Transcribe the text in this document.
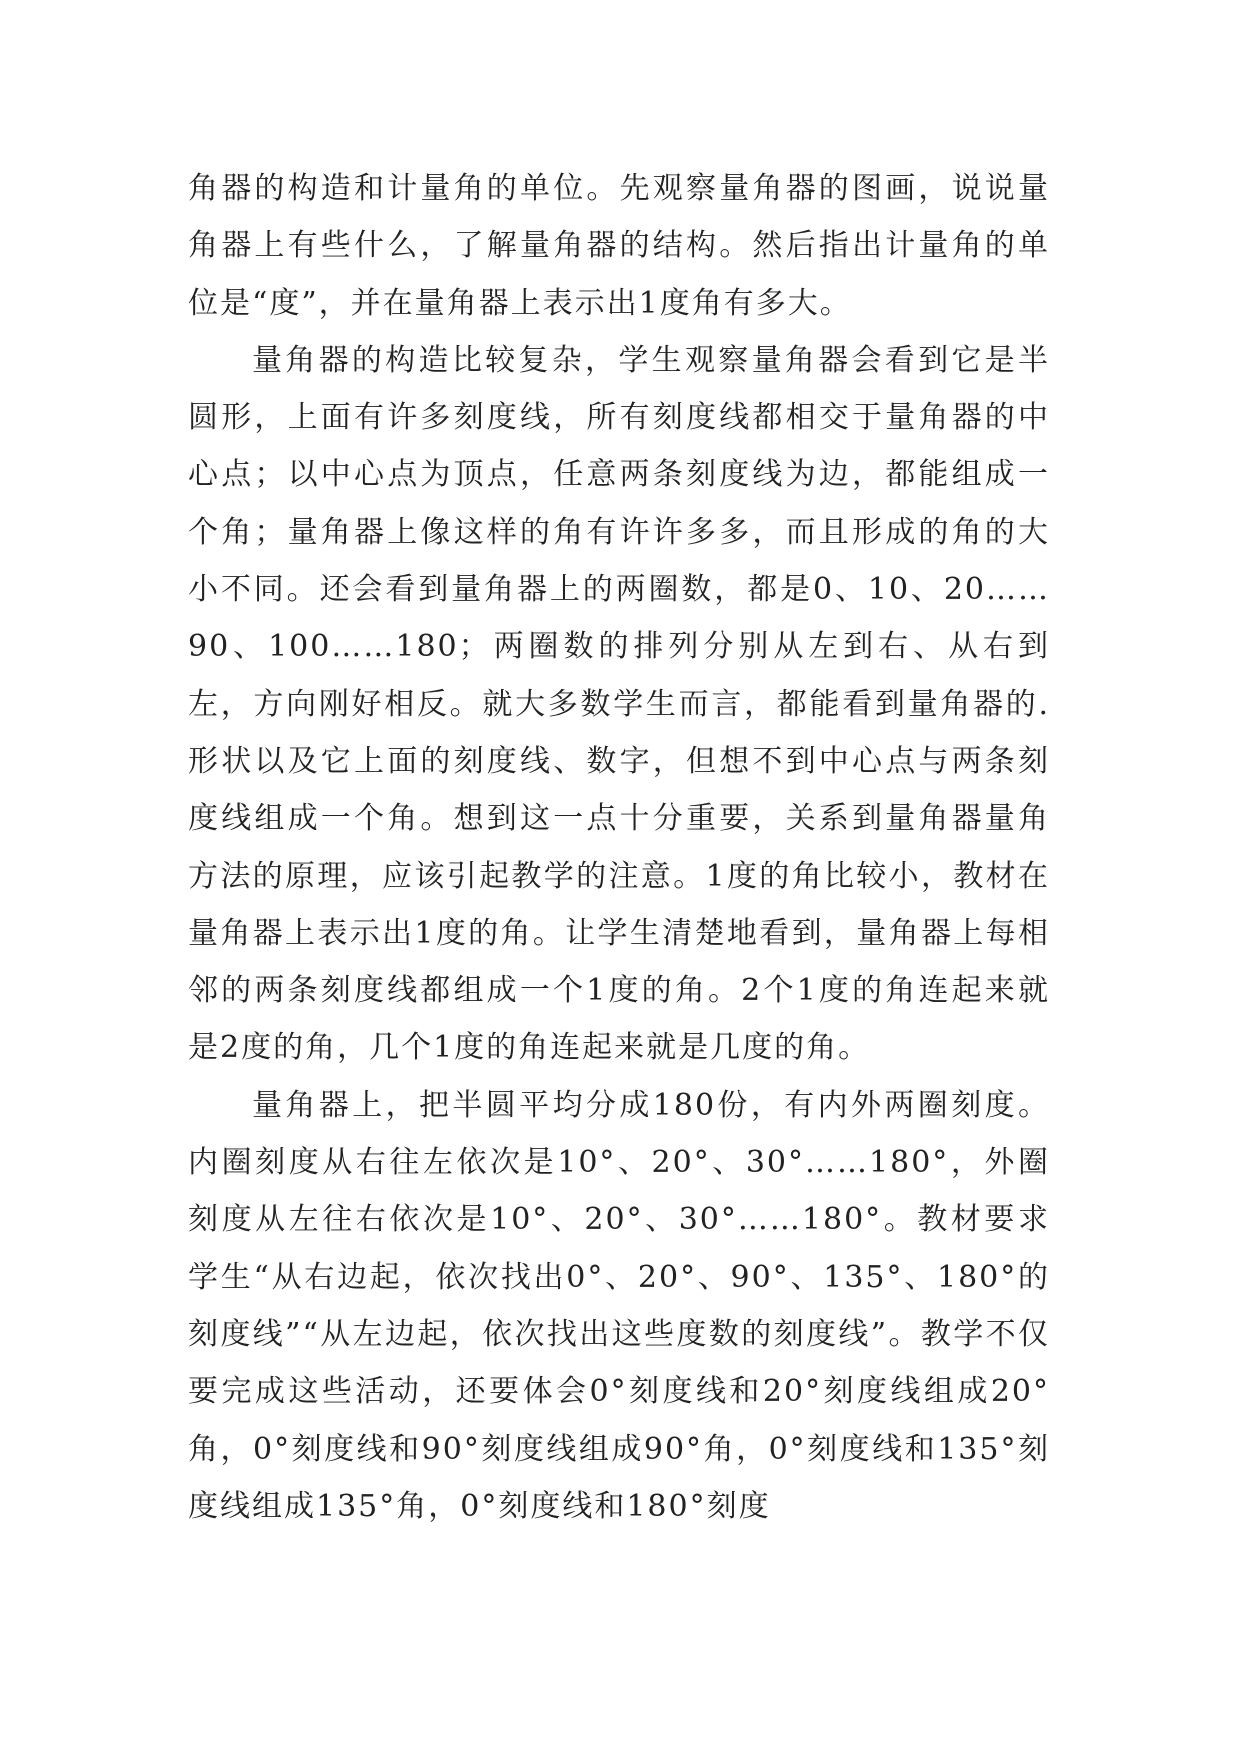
角器的构造和计量角的单位。先观察量角器的图画，说说量角器上有些什么，了解量角器的结构。然后指出计量角的单位是“度”，并在量角器上表示出1度角有多大。

量角器的构造比较复杂，学生观察量角器会看到它是半圆形，上面有许多刻度线，所有刻度线都相交于量角器的中心点；以中心点为顶点，任意两条刻度线为边，都能组成一个角；量角器上像这样的角有许许多多，而且形成的角的大小不同。还会看到量角器上的两圈数，都是0、10、20……90、100……180；两圈数的排列分别从左到右、从右到左，方向刚好相反。就大多数学生而言，都能看到量角器的.形状以及它上面的刻度线、数字，但想不到中心点与两条刻度线组成一个角。想到这一点十分重要，关系到量角器量角方法的原理，应该引起教学的注意。1度的角比较小，教材在量角器上表示出1度的角。让学生清楚地看到，量角器上每相邻的两条刻度线都组成一个1度的角。2个1度的角连起来就是2度的角，几个1度的角连起来就是几度的角。

量角器上，把半圆平均分成180份，有内外两圈刻度。内圈刻度从右往左依次是10°、20°、30°……180°，外圈刻度从左往右依次是10°、20°、30°……180°。教材要求学生“从右边起，依次找出0°、20°、90°、135°、180°的刻度线”“从左边起，依次找出这些度数的刻度线”。教学不仅要完成这些活动，还要体会0°刻度线和20°刻度线组成20°角，0°刻度线和90°刻度线组成90°角，0°刻度线和135°刻度线组成135°角，0°刻度线和180°刻度
